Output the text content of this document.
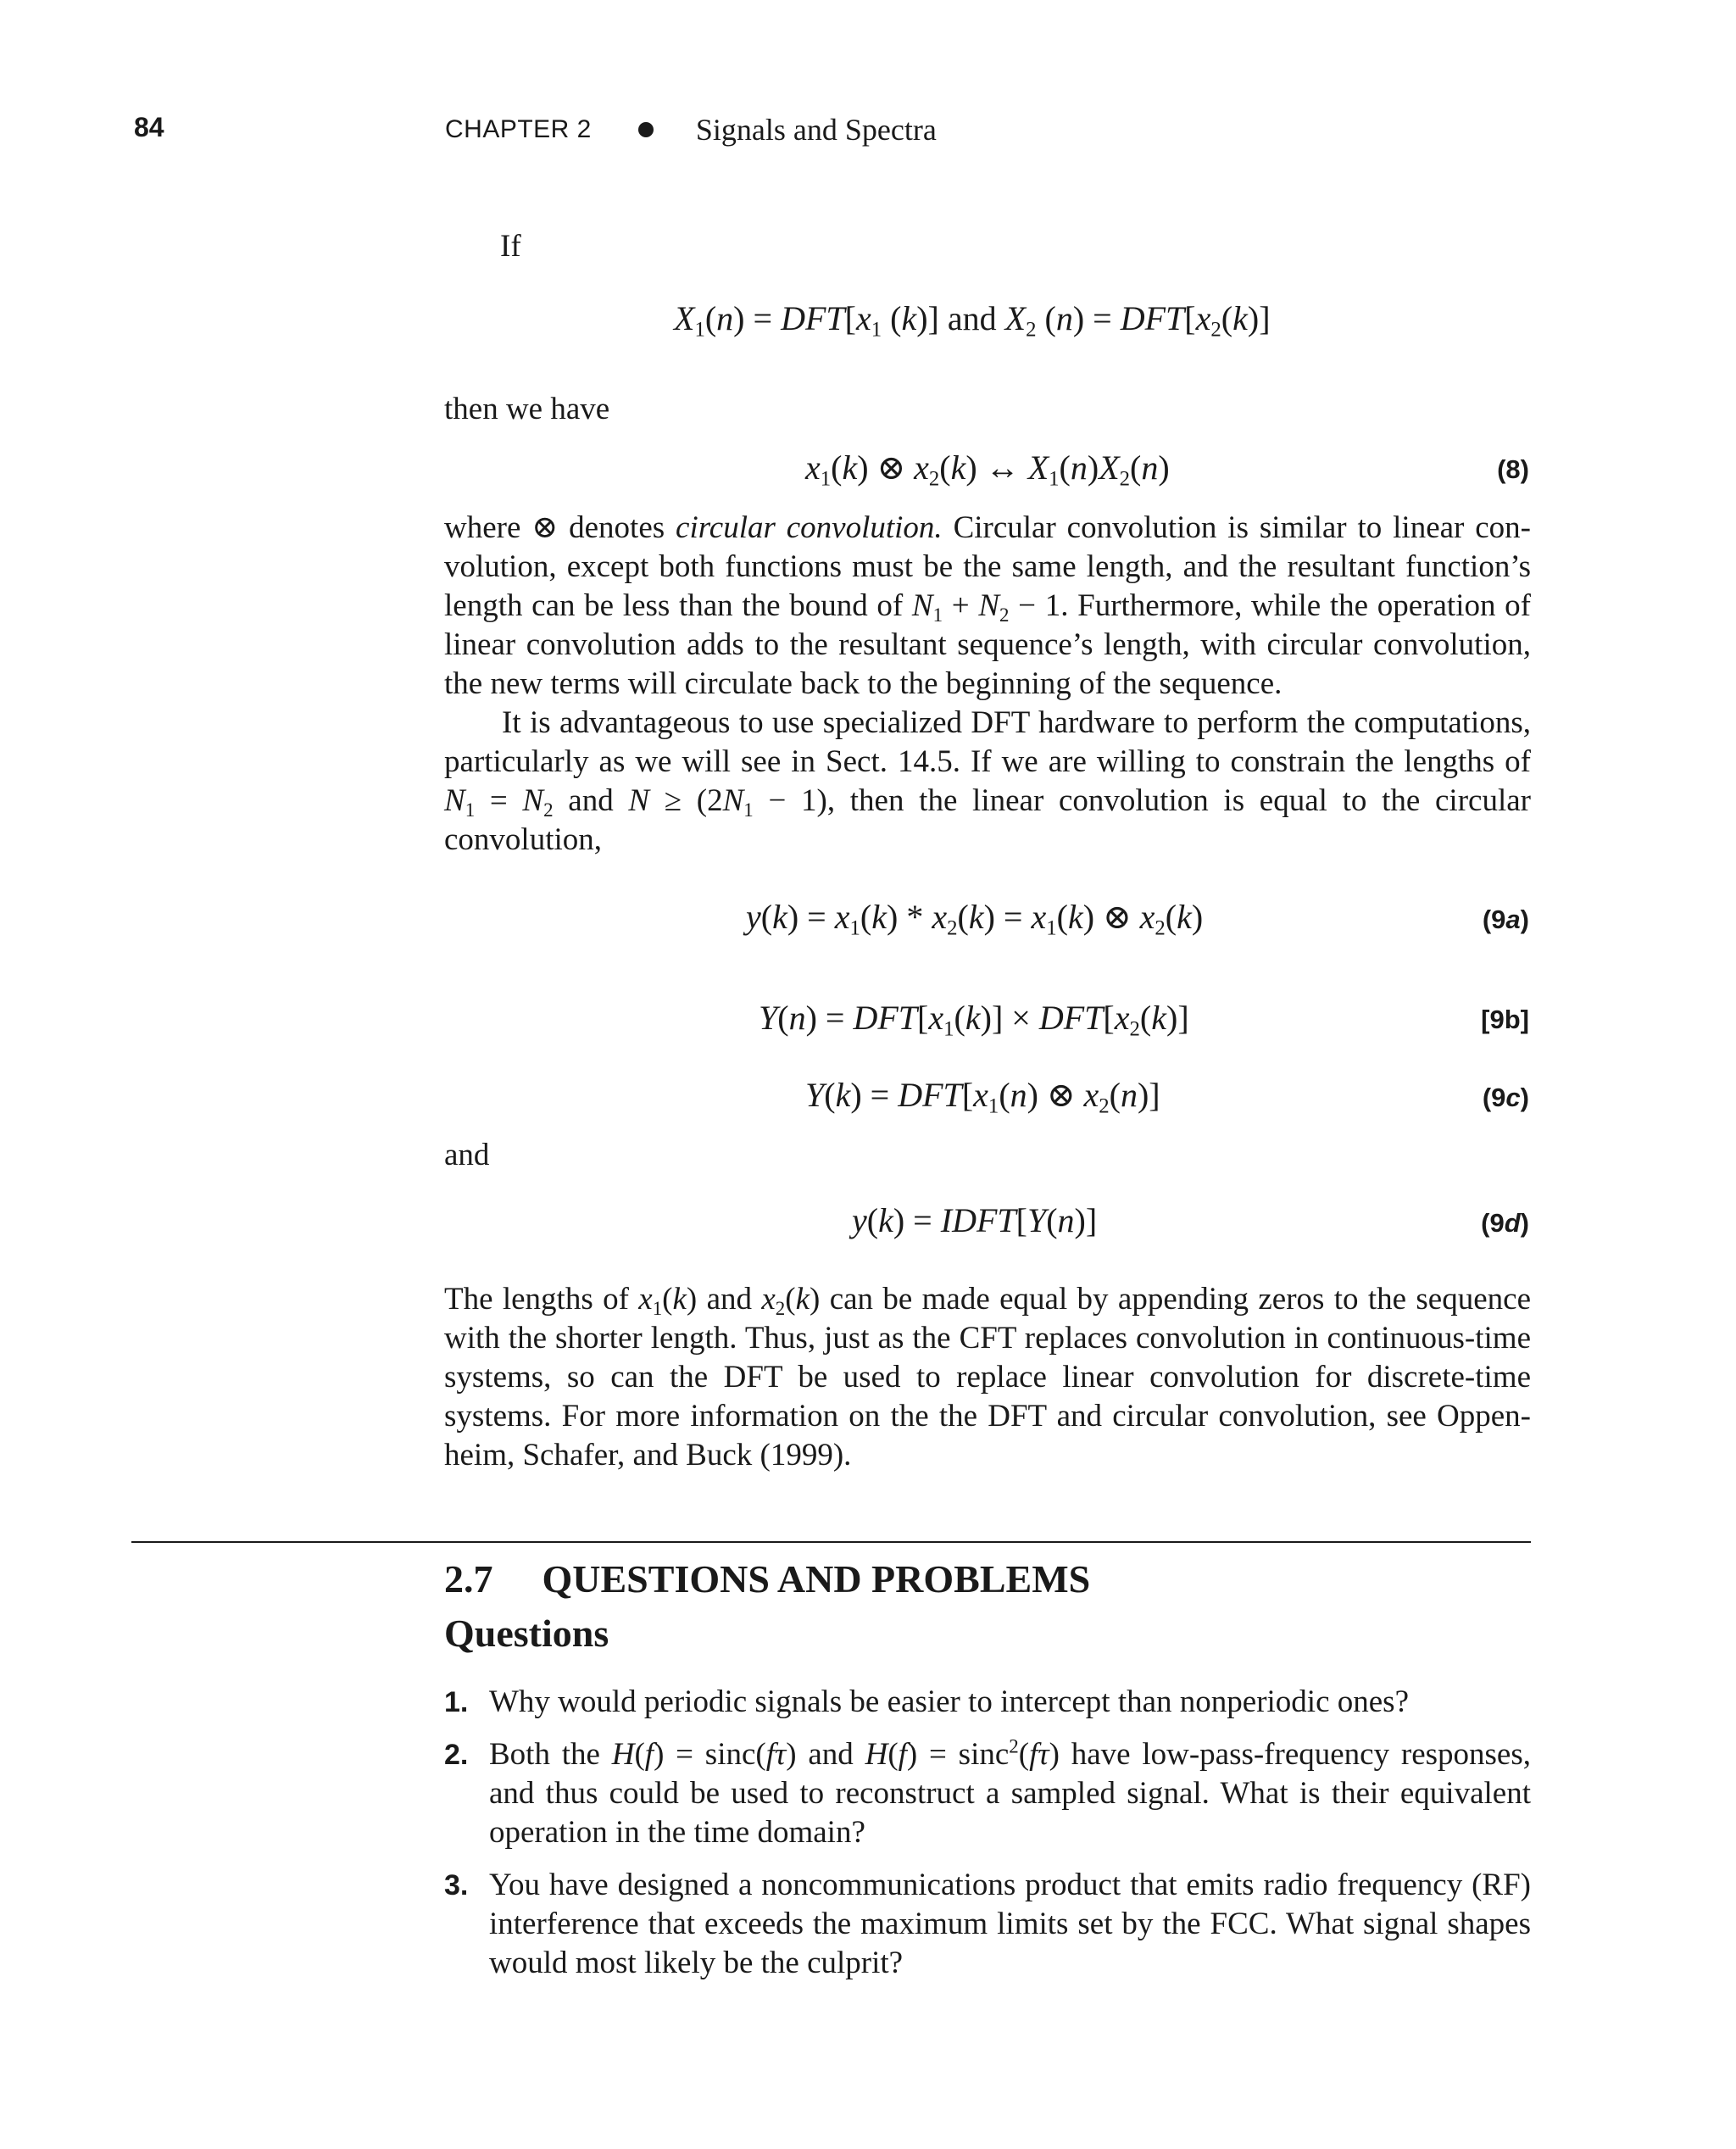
84	CHAPTER 2	Signals and Spectra
If
$X_1(n) = DFT[x_1$ (k)] and $X_2$ $(n) = DFT[x_2(k)]$
then we have
$x_1(k)$ ⊗ $x_2(k)$ ↔ $X_1(n)X_2(n)$	(8)

where ⊗ denotes circular convolution. Circular convolution is similar to linear convolution, except both functions must be the same length, and the resultant function’s length can be less than the bound of $N_1 + N_2 - 1$. Furthermore, while the operation of linear convolution adds to the resultant sequence’s length, with circular convolution, the new terms will circulate back to the beginning of the sequence.

It is advantageous to use specialized DFT hardware to perform the computations, particularly as we will see in Sect. 14.5. If we are willing to constrain the lengths of $N_1 = N_2$ and $N \ge (2N_1 - 1)$, then the linear convolution is equal to the circular convolution,

$y(k) = x_1(k) * x_2(k) = x_1(k)$ ⊗ $x_2(k)$	(9a)
$Y(n) = DFT[x_1(k)] \times DFT[x_2(k)]$	[9b]
$Y(k) = DFT[x_1(n)$ ⊗ $x_2(n)$]	(9c)
and
y(k) = IDFT[Y(n)]	(9d)

The lengths of $x_1(k)$ and $x_2(k)$ can be made equal by appending zeros to the sequence with the shorter length. Thus, just as the CFT replaces convolution in continuous-time systems, so can the DFT be used to replace linear convolution for discrete-time systems. For more information on the the DFT and circular convolution, see Oppenheim, Schafer, and Buck (1999).

2.7 QUESTIONS AND PROBLEMS
Questions
1. Why would periodic signals be easier to intercept than nonperiodic ones?
2. Both the H(f) = sinc(fτ) and H(f) = sinc$^2$(fτ) have low-pass-frequency responses, and thus could be used to reconstruct a sampled signal. What is their equivalent operation in the time domain?
3. You have designed a noncommunications product that emits radio frequency (RF) interference that exceeds the maximum limits set by the FCC. What signal shapes would most likely be the culprit?
